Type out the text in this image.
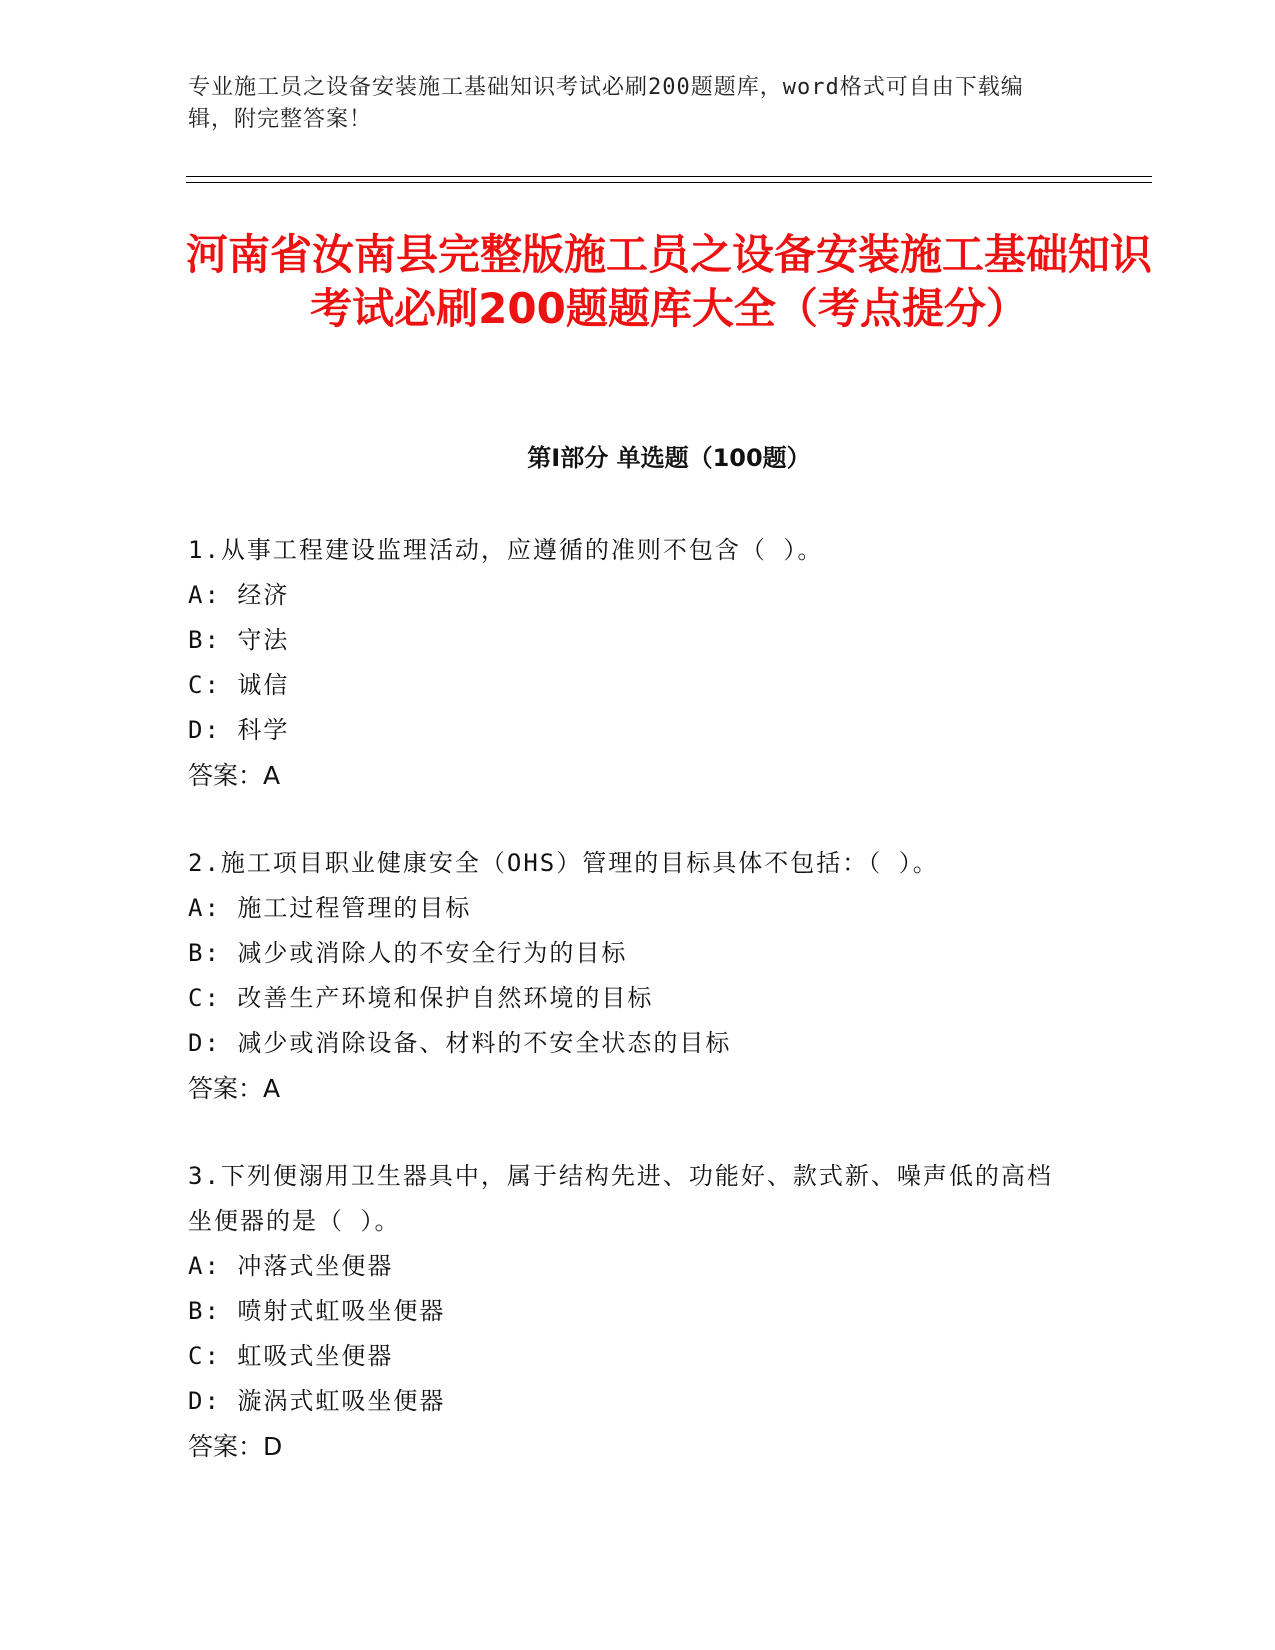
专业施工员之设备安装施工基础知识考试必刷200题题库，word格式可自由下载编辑，附完整答案！
河南省汝南县完整版施工员之设备安装施工基础知识考试必刷200题题库大全（考点提分）
第Ⅰ部分 单选题（100题）
1.从事工程建设监理活动，应遵循的准则不包含（ ）。
A: 经济
B: 守法
C: 诚信
D: 科学
答案：A
2.施工项目职业健康安全（OHS）管理的目标具体不包括：（ ）。
A: 施工过程管理的目标
B: 减少或消除人的不安全行为的目标
C: 改善生产环境和保护自然环境的目标
D: 减少或消除设备、材料的不安全状态的目标
答案：A
3.下列便溺用卫生器具中，属于结构先进、功能好、款式新、噪声低的高档坐便器的是（ ）。
A: 冲落式坐便器
B: 喷射式虹吸坐便器
C: 虹吸式坐便器
D: 漩涡式虹吸坐便器
答案：D
